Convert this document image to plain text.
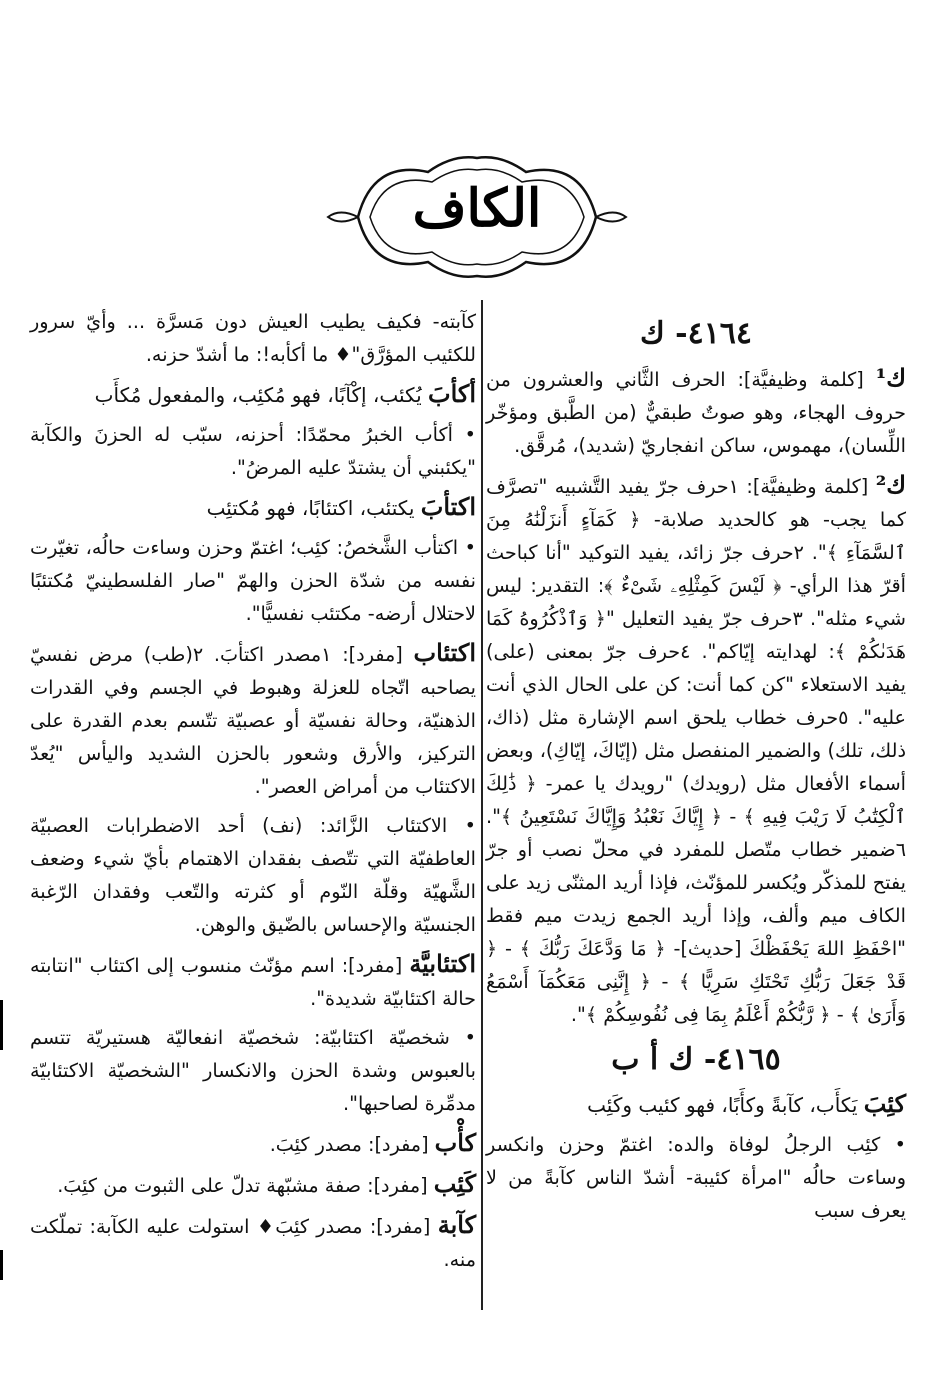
الكاف
٤١٦٤- ك

ك¹ [كلمة وظيفيَّة]: الحرف الثَّاني والعشرون من حروف الهجاء، وهو صوتٌ طبقيٌّ (من الطَّبق ومؤخّر اللِّسان)، مهموس، ساكن انفجاريّ (شديد)، مُرقَّق.

ك² [كلمة وظيفيَّة]: ١حرف جرّ يفيد التَّشبيه "تصرَّف كما يجب- هو كالحديد صلابة- ﴿ كَمَآءٍ أَنزَلْنَٰهُ مِنَ ٱلسَّمَآءِ ﴾". ٢حرف جرّ زائد، يفيد التوكيد "أنا كباحث أقرّ هذا الرأي- ﴿ لَيْسَ كَمِثْلِهِۦ شَىْءٌ ﴾: التقدير: ليس شيء مثله". ٣حرف جرّ يفيد التعليل "﴿ وَٱذْكُرُوهُ كَمَا هَدَىٰكُمْ ﴾: لهدايته إيّاكم". ٤حرف جرّ بمعنى (على) يفيد الاستعلاء "كن كما أنت: كن على الحال الذي أنت عليه". ٥حرف خطاب يلحق اسم الإشارة مثل (ذاك، ذلك، تلك) والضمير المنفصل مثل (إيّاكَ، إيّاكِ)، وبعض أسماء الأفعال مثل (رويدك) "رويدك يا عمر- ﴿ ذَٰلِكَ ٱلْكِتَٰبُ لَا رَيْبَ فِيهِ ﴾ - ﴿ إِيَّاكَ نَعْبُدُ وَإِيَّاكَ نَسْتَعِينُ ﴾". ٦ضمير خطاب متّصل للمفرد في محلّ نصب أو جرّ يفتح للمذكّر ويُكسر للمؤنّث، فإذا أريد المثنّى زيد على الكاف ميم وألف، وإذا أريد الجمع زيدت ميم فقط "احْفَظِ اللهَ يَحْفَظْكَ [حديث]- ﴿ مَا وَدَّعَكَ رَبُّكَ ﴾ - ﴿ قَدْ جَعَلَ رَبُّكِ تَحْتَكِ سَرِيًّا ﴾ - ﴿ إِنَّنِى مَعَكُمَآ أَسْمَعُ وَأَرَىٰ ﴾ - ﴿ رَّبُّكُمْ أَعْلَمُ بِمَا فِى نُفُوسِكُمْ ﴾".

٤١٦٥- ك أ ب

كئِبَ يَكأَب، كآبةً وكأَبًا، فهو كئيب وكَئِب

• كئِب الرجلُ لوفاة والده: اغتمّ وحزن وانكسر وساءت حالُه "امرأة كئيبة- أشدّ الناس كآبةً من لا يعرف سبب

كآبته- فكيف يطيب العيش دون مَسرَّة ... وأيّ سرور للكئيب المؤرَّق"♦ ما أكأبه!: ما أشدّ حزنه.

أكأبَ يُكئب، إكْآبًا، فهو مُكئِب، والمفعول مُكأَب

• أكأب الخبرُ محمّدًا: أحزنه، سبّب له الحزنَ والكآبة "يكئبني أن يشتدّ عليه المرضُ".

اكتأبَ يكتئب، اكتئابًا، فهو مُكتئِب

• اكتأب الشَّخصُ: كئِب؛ اغتمّ وحزن وساءت حالُه، تغيّرت نفسه من شدّة الحزن والهمّ "صار الفلسطينيّ مُكتئبًا لاحتلال أرضه- مكتئب نفسيًّا".

اكتئاب [مفرد]: ١مصدر اكتأبَ. ٢(طب) مرض نفسيّ يصاحبه اتّجاه للعزلة وهبوط في الجسم وفي القدرات الذهنيّة، وحالة نفسيّة أو عصبيّة تتّسم بعدم القدرة على التركيز، والأرق وشعور بالحزن الشديد واليأس "يُعدّ الاكتئاب من أمراض العصر".

• الاكتئاب الزَّائد: (نف) أحد الاضطرابات العصبيّة العاطفيّة التي تتّصف بفقدان الاهتمام بأيّ شيء وضعف الشَّهيّة وقلّة النّوم أو كثرته والتّعب وفقدان الرّغبة الجنسيّة والإحساس بالضّيق والوهن.

اكتئابيَّة [مفرد]: اسم مؤنّث منسوب إلى اكتئاب "انتابته حالة اكتئابيّة شديدة".

• شخصيّة اكتئابيّة: شخصيّة انفعاليّة هستيريّة تتسم بالعبوس وشدة الحزن والانكسار "الشخصيّة الاكتئابيّة مدمِّرة لصاحبها".

كأْب [مفرد]: مصدر كئِبَ.

كَئِب [مفرد]: صفة مشبّهة تدلّ على الثبوت من كئِبَ.

كآبة [مفرد]: مصدر كئِبَ♦ استولت عليه الكآبة: تملّكت منه.
